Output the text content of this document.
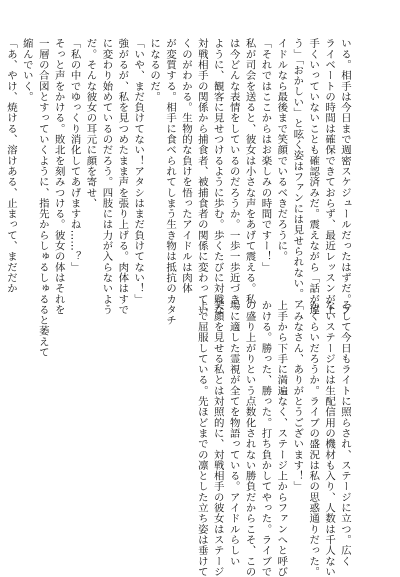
いる。相手は今日まで週密スケジュールだったはずだ。プ
ライベートの時間は確保できておらず、最近レッスンが上
手くいっていないことも確認済みだ。震えながら「話が違
う」「おかしい」と呟く姿はファンには見せられない。ア
イドルなら最後まで笑顔でいるべきだろうに。
「それではここからはお楽しみの時間ですー！」
私が司会を送ると、彼女は小さな声をあげて震える。私
は今どんな表情をしているのだろうか。一歩一歩近づき
ように、観客に見せつけるように歩む。歩くたびに対戦な
対戦相手の関係から捕食者、被捕食者の関係に変わってい
くのがわかる。生物的な負けを悟ったアイドルは肉体
が変質する。相手に食べられてしまう生き物は抵抗のカタチ
になるのだ。
「いや、まだ負けてない！アタシはまだ負けてない！」
強がるが、私を見つめたまま声を張り上げる。肉体はすで
に変わり始めているのだろう。四肢には力が入らないよう
だ。そんな彼女の耳元に顔を寄せ、
「私の中でゆっくり消化してあげますね……？」
そっと声をかける。敗北を刻みつける。彼女の体はそれを
一層の合図とすっていくように、指先からしゅるしゅるると萎えて
縮んでいく。
「あ、やけ、焼ける、溶けある、止まって、まだだか

そして今日もライトに照らされ、ステージに立つ。広く
ないステージには生配信用の機材も入り、人数は千人ない
かくらいだろうか。ライブの盛況は私の思惑通りだった。
「みなさん、ありがとうございます！」
上手から下手に満遍なく、ステージ上からファンへと呼び
かける。勝った、勝った。打ち負かしてやった。ライブで
の盛り上がりという点数化されない勝負だからこそ、この
場に適した霊視が全てを物語っている。アイドルらしい
笑顔を見せる私とは対照的に、対戦相手の彼女はステージ
上で屈服している。先ほどまでの凛とした立ち姿は垂けて
